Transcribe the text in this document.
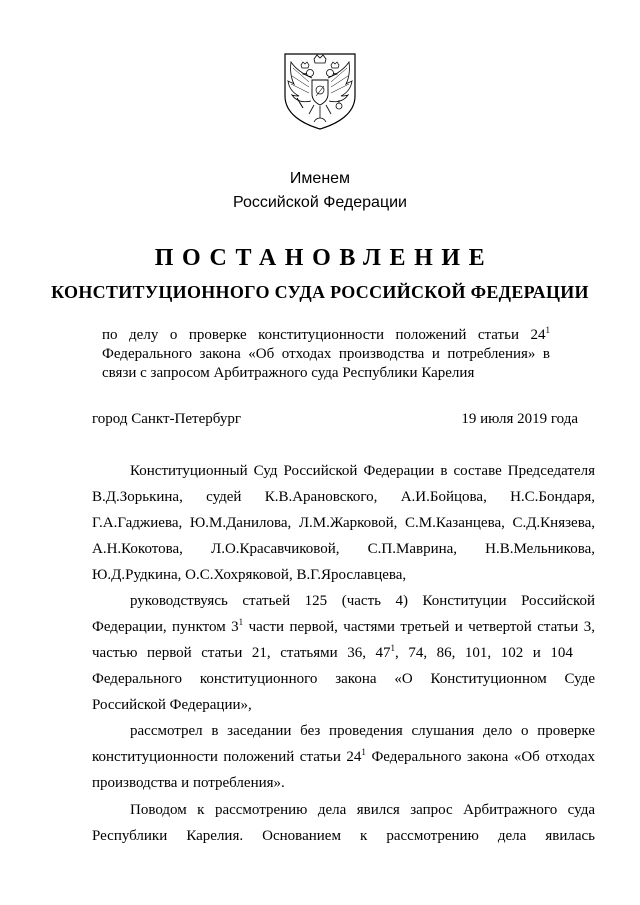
Именем
Российской Федерации
ПОСТАНОВЛЕНИЕ
КОНСТИТУЦИОННОГО СУДА РОССИЙСКОЙ ФЕДЕРАЦИИ
по делу о проверке конституционности положений статьи $24^1$
Федерального закона «Об отходах производства и потребления» в
связи с запросом Арбитражного суда Республики Карелия
город Санкт-Петербург	19 июля 2019 года
Конституционный Суд Российской Федерации в составе Председателя
В.Д.Зорькина, судей К.В.Арановского, А.И.Бойцова, Н.С.Бондаря,
Г.А.Гаджиева, Ю.М.Данилова, Л.М.Жарковой, С.М.Казанцева, С.Д.Князева,
А.Н.Кокотова, Л.О.Красавчиковой, С.П.Маврина, Н.В.Мельникова,
Ю.Д.Рудкина, О.С.Хохряковой, В.Г.Ярославцева,
руководствуясь статьей 125 (часть 4) Конституции Российской
Федерации, пунктом $3^1$ части первой, частями третьей и четвертой статьи 3,
частью первой статьи 21, статьями 36, $47^1$, 74, 86, 101, 102 и 104
Федерального конституционного закона «О Конституционном Суде
Российской Федерации»,
рассмотрел в заседании без проведения слушания дело о проверке
конституционности положений статьи $24^1$ Федерального закона «Об отходах
производства и потребления».
Поводом к рассмотрению дела явился запрос Арбитражного суда
Республики Карелия. Основанием к рассмотрению дела явилась
